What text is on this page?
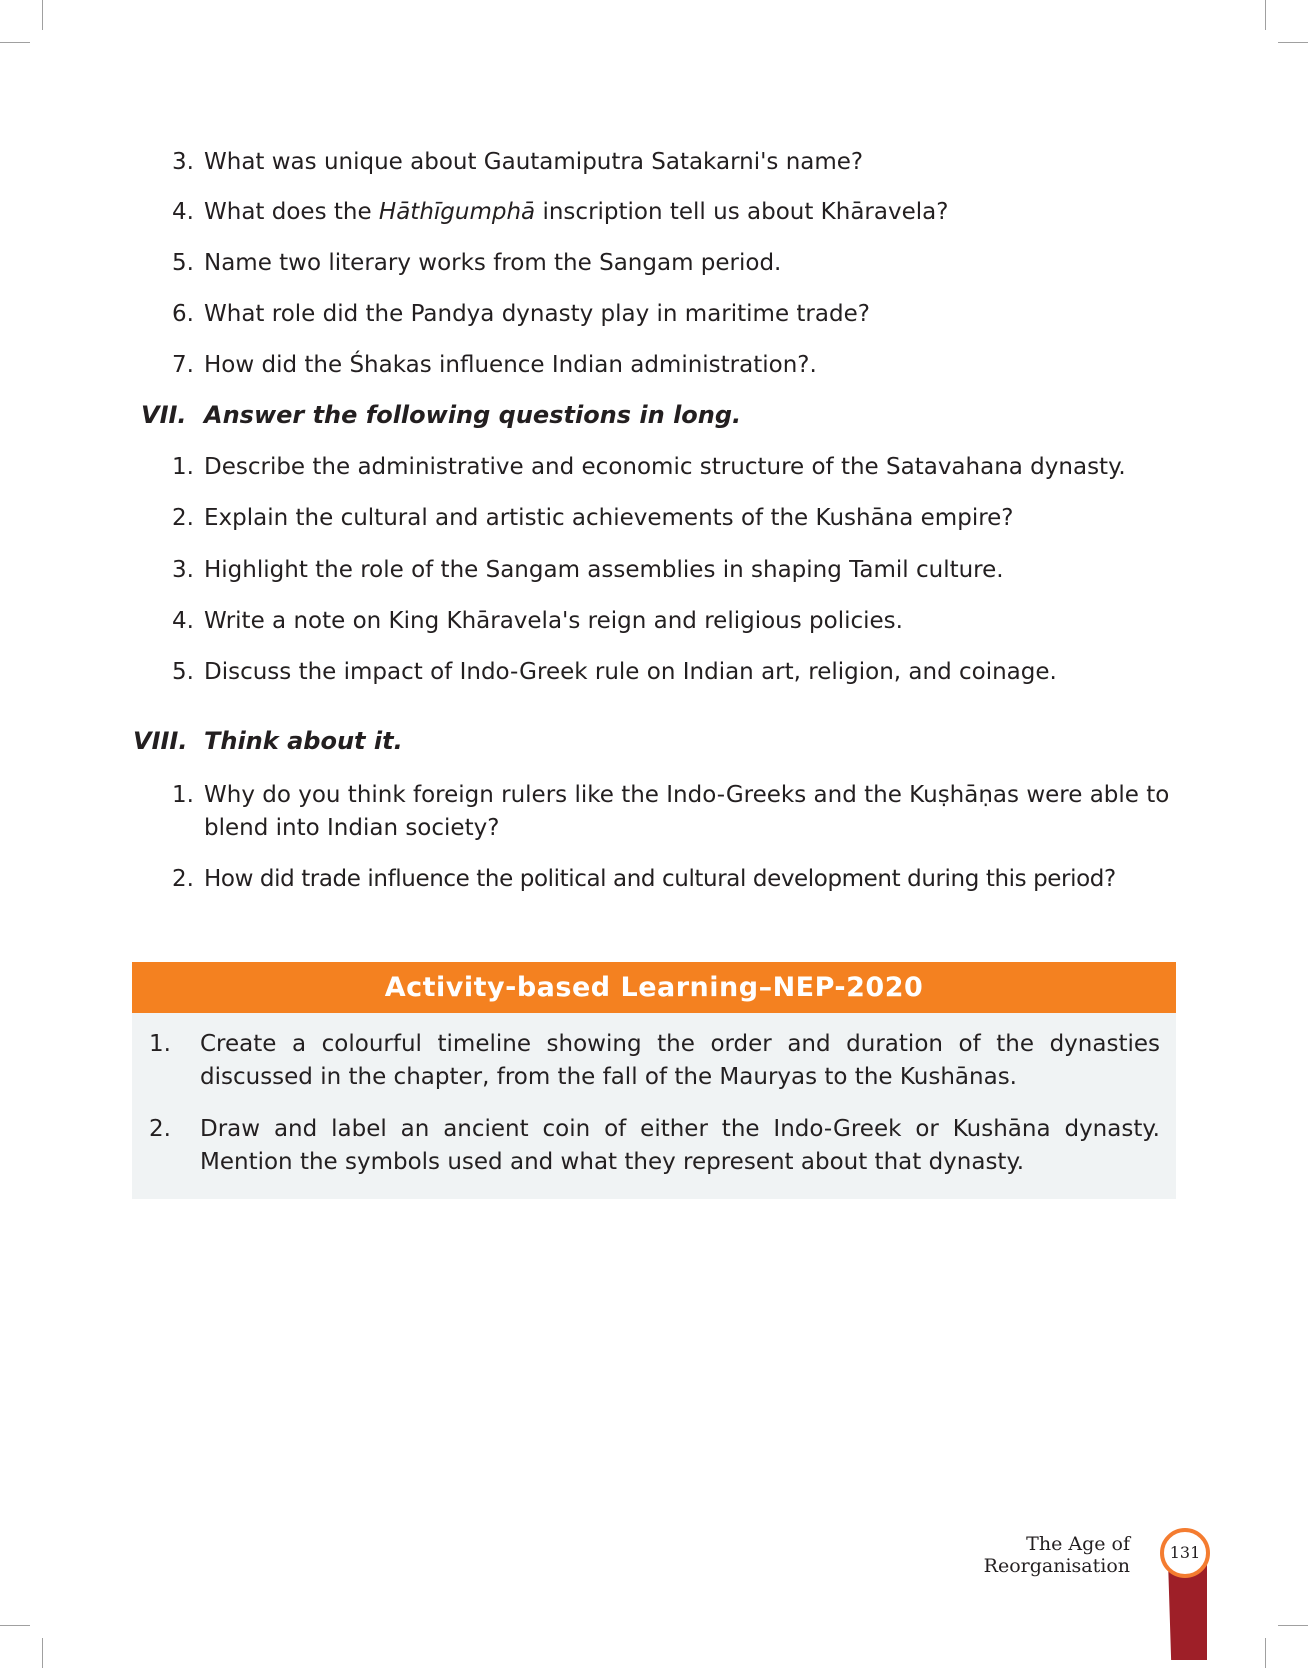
3. What was unique about Gautamiputra Satakarni's name?
4. What does the Hāthīgumphā inscription tell us about Khāravela?
5. Name two literary works from the Sangam period.
6. What role did the Pandya dynasty play in maritime trade?
7. How did the Śhakas influence Indian administration?.
VII. Answer the following questions in long.
1. Describe the administrative and economic structure of the Satavahana dynasty.
2. Explain the cultural and artistic achievements of the Kushāna empire?
3. Highlight the role of the Sangam assemblies in shaping Tamil culture.
4. Write a note on King Khāravela's reign and religious policies.
5. Discuss the impact of Indo-Greek rule on Indian art, religion, and coinage.
VIII. Think about it.
1. Why do you think foreign rulers like the Indo-Greeks and the Kuṣhāṇas were able to blend into Indian society?
2. How did trade influence the political and cultural development during this period?
Activity-based Learning–NEP-2020
1. Create a colourful timeline showing the order and duration of the dynasties discussed in the chapter, from the fall of the Mauryas to the Kushānas.
2. Draw and label an ancient coin of either the Indo-Greek or Kushāna dynasty. Mention the symbols used and what they represent about that dynasty.
The Age of Reorganisation
131
